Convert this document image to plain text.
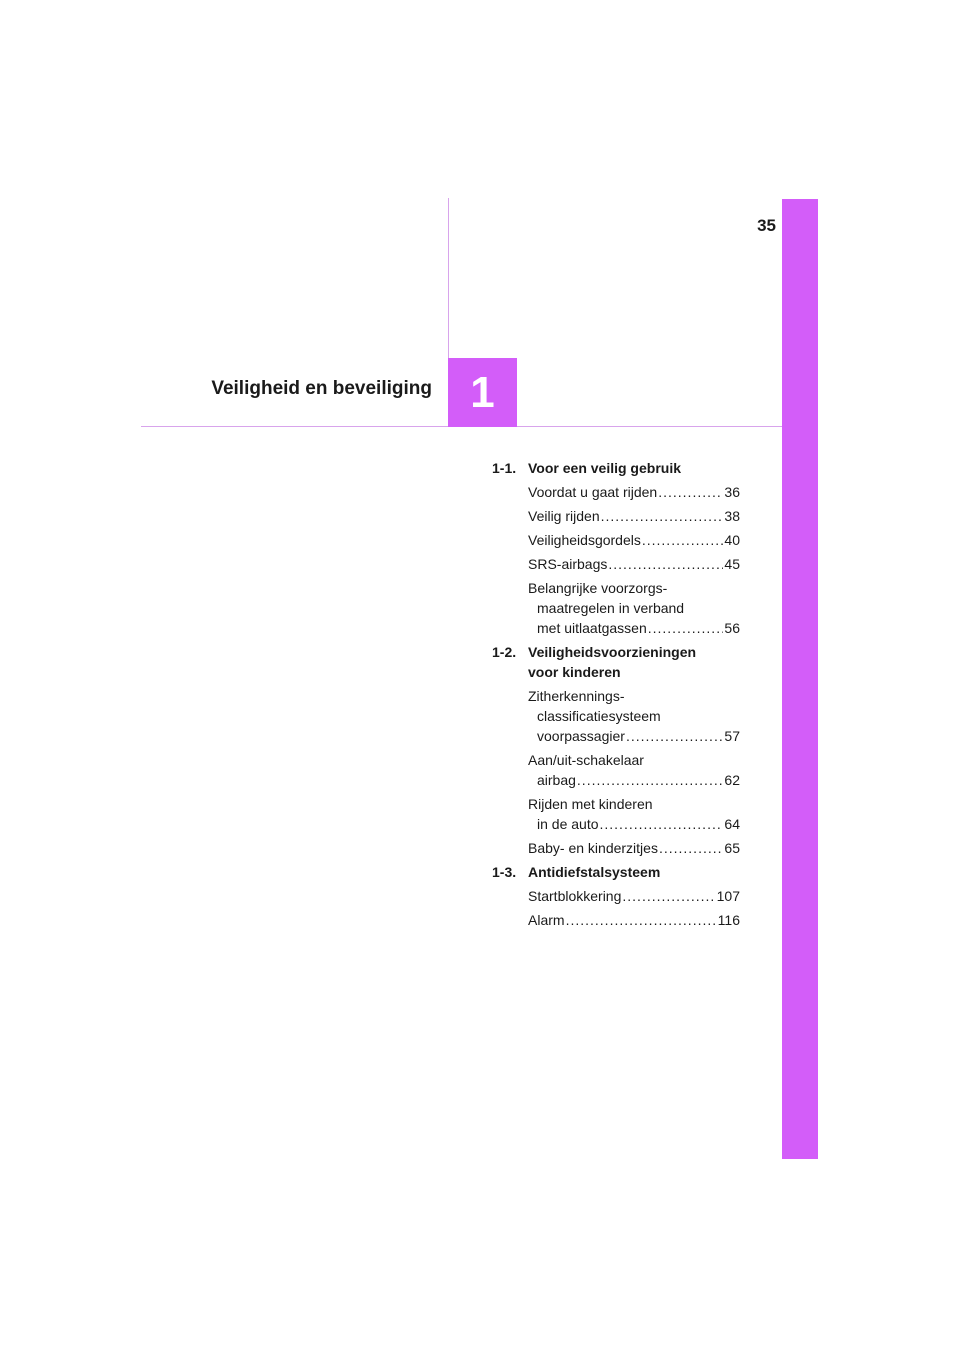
35
1
Veiligheid en beveiliging
1-1. Voor een veilig gebruik
Voordat u gaat rijden .....	36
Veilig rijden .....	38
Veiligheidsgordels .....	40
SRS-airbags .....	45
Belangrijke voorzorgs-
maatregelen in verband
met uitlaatgassen .....	56
1-2. Veiligheidsvoorzieningen
voor kinderen
Zitherkennings-
classificatiesysteem
voorpassagier .....	57
Aan/uit-schakelaar
airbag .....	62
Rijden met kinderen
in de auto .....	64
Baby- en kinderzitjes .....	65
1-3. Antidiefstalsysteem
Startblokkering .....	107
Alarm .....	116
